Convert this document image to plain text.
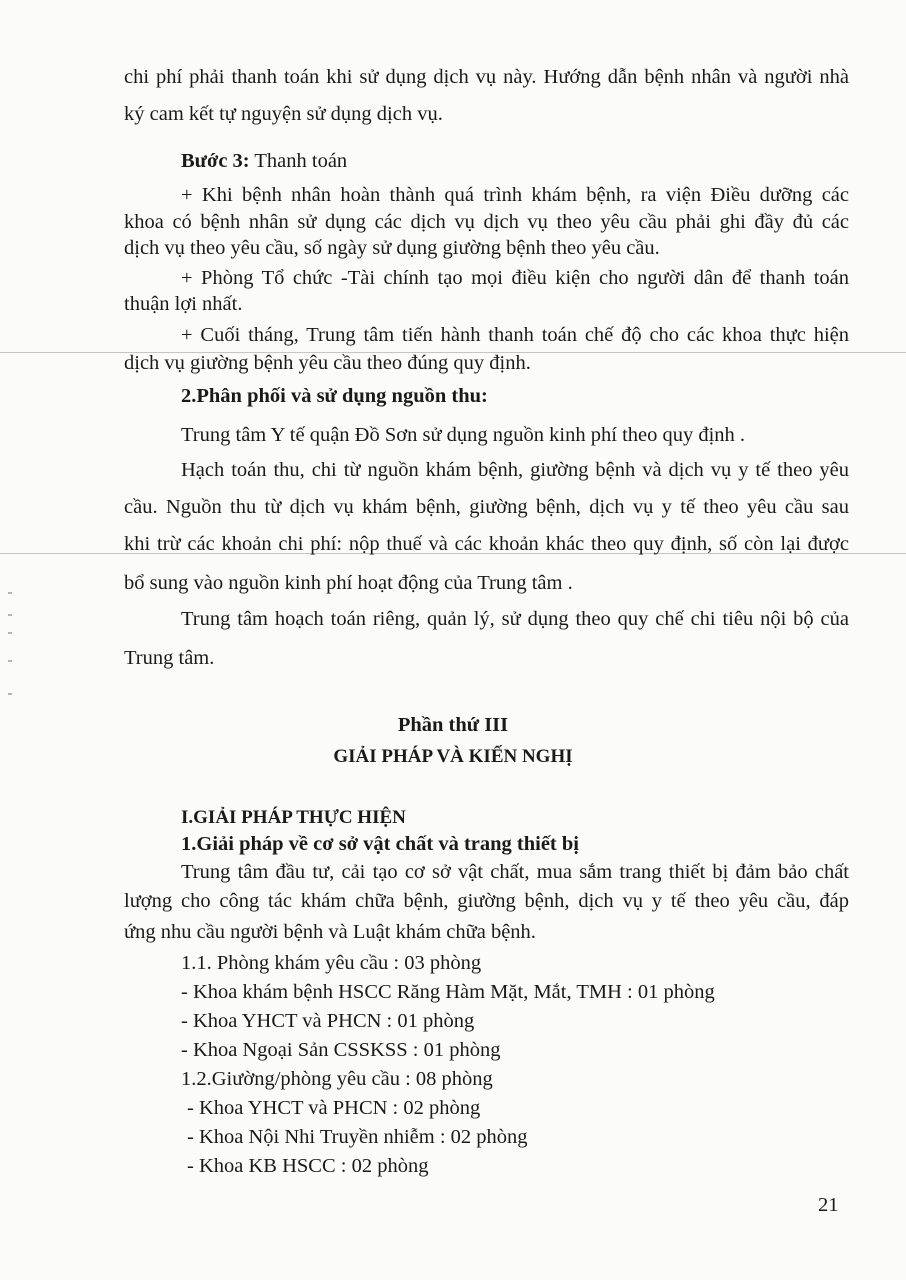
chi phí phải thanh toán khi sử dụng dịch vụ này. Hướng dẫn bệnh nhân và người nhà

ký cam kết tự nguyện sử dụng dịch vụ.

Bước 3: Thanh toán

+ Khi bệnh nhân hoàn thành quá trình khám bệnh, ra viện Điều dưỡng các

khoa có bệnh nhân sử dụng các dịch vụ dịch vụ theo yêu cầu phải ghi đầy đủ các

dịch vụ theo yêu cầu, số ngày sử dụng giường bệnh theo yêu cầu.

+ Phòng Tổ chức -Tài chính tạo mọi điều kiện cho người dân để thanh toán

thuận lợi nhất.

+ Cuối tháng, Trung tâm tiến hành thanh toán chế độ cho các khoa thực hiện

dịch vụ giường bệnh yêu cầu theo đúng quy định.

2.Phân phối và sử dụng nguồn thu:

Trung tâm Y tế quận Đồ Sơn sử dụng nguồn kinh phí theo quy định .

Hạch toán thu, chi từ nguồn khám bệnh, giường bệnh và dịch vụ y tế theo yêu

cầu. Nguồn thu từ dịch vụ khám bệnh, giường bệnh, dịch vụ y tế theo yêu cầu sau

khi trừ các khoản chi phí: nộp thuế và các khoản khác theo quy định, số còn lại được

bổ sung vào nguồn kinh phí hoạt động của Trung tâm .

Trung tâm hoạch toán riêng, quản lý, sử dụng theo quy chế chi tiêu nội bộ của

Trung tâm.

Phần thứ III

GIẢI PHÁP VÀ KIẾN NGHỊ

I.GIẢI PHÁP THỰC HIỆN

1.Giải pháp về cơ sở vật chất và trang thiết bị

Trung tâm đầu tư, cải tạo cơ sở vật chất, mua sắm trang thiết bị đảm bảo chất

lượng cho công tác khám chữa bệnh, giường bệnh, dịch vụ y tế theo yêu cầu, đáp

ứng nhu cầu người bệnh và Luật khám chữa bệnh.

1.1. Phòng khám yêu cầu : 03 phòng

- Khoa khám bệnh HSCC Răng Hàm Mặt, Mắt, TMH : 01 phòng

- Khoa YHCT và PHCN : 01 phòng

- Khoa Ngoại Sản CSSKSS : 01 phòng

1.2.Giường/phòng yêu cầu : 08 phòng

- Khoa YHCT và PHCN : 02 phòng

- Khoa Nội Nhi Truyền nhiễm : 02 phòng

- Khoa KB HSCC : 02 phòng

21
